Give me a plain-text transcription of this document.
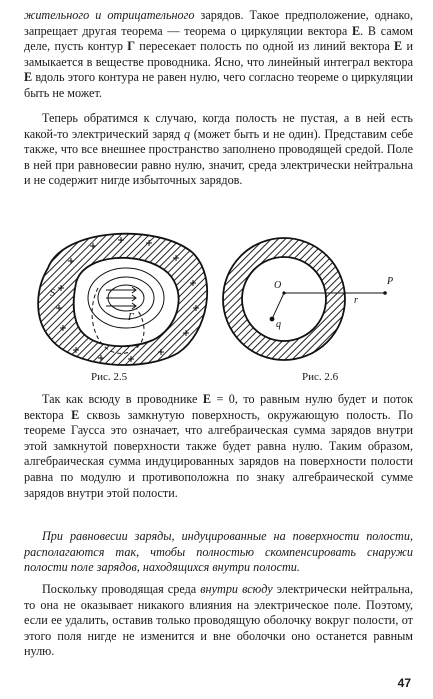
жительного и отрицательного зарядов. Такое предположение, однако, запрещает другая теорема — теорема о циркуляции вектора E. В самом деле, пусть контур Г пересекает полость по одной из линий вектора E и замыкается в веществе проводника. Ясно, что линейный интеграл вектора E вдоль этого контура не равен нулю, чего согласно теореме о циркуляции быть не может.

Теперь обратимся к случаю, когда полость не пустая, а в ней есть какой-то электрический заряд q (может быть и не один). Представим себе также, что все внешнее пространство заполнено проводящей средой. Поле в ней при равновесии равно нулю, значит, среда электрически нейтральна и не содержит нигде избыточных зарядов.

S
Г
Рис. 2.5
O
q
r
P
Рис. 2.6

Так как всюду в проводнике E = 0, то равным нулю будет и поток вектора E сквозь замкнутую поверхность, окружающую полость. По теореме Гаусса это означает, что алгебраическая сумма зарядов внутри этой замкнутой поверхности также будет равна нулю. Таким образом, алгебраическая сумма индуцированных зарядов на поверхности полости равна по модулю и противоположна по знаку алгебраической сумме зарядов внутри этой полости.

При равновесии заряды, индуцированные на поверхности полости, располагаются так, чтобы полностью скомпенсировать снаружи полости поле зарядов, находящихся внутри полости.

Поскольку проводящая среда внутри всюду электрически нейтральна, то она не оказывает никакого влияния на электрическое поле. Поэтому, если ее удалить, оставив только проводящую оболочку вокруг полости, от этого поля нигде не изменится и вне оболочки оно останется равным нулю.

47
